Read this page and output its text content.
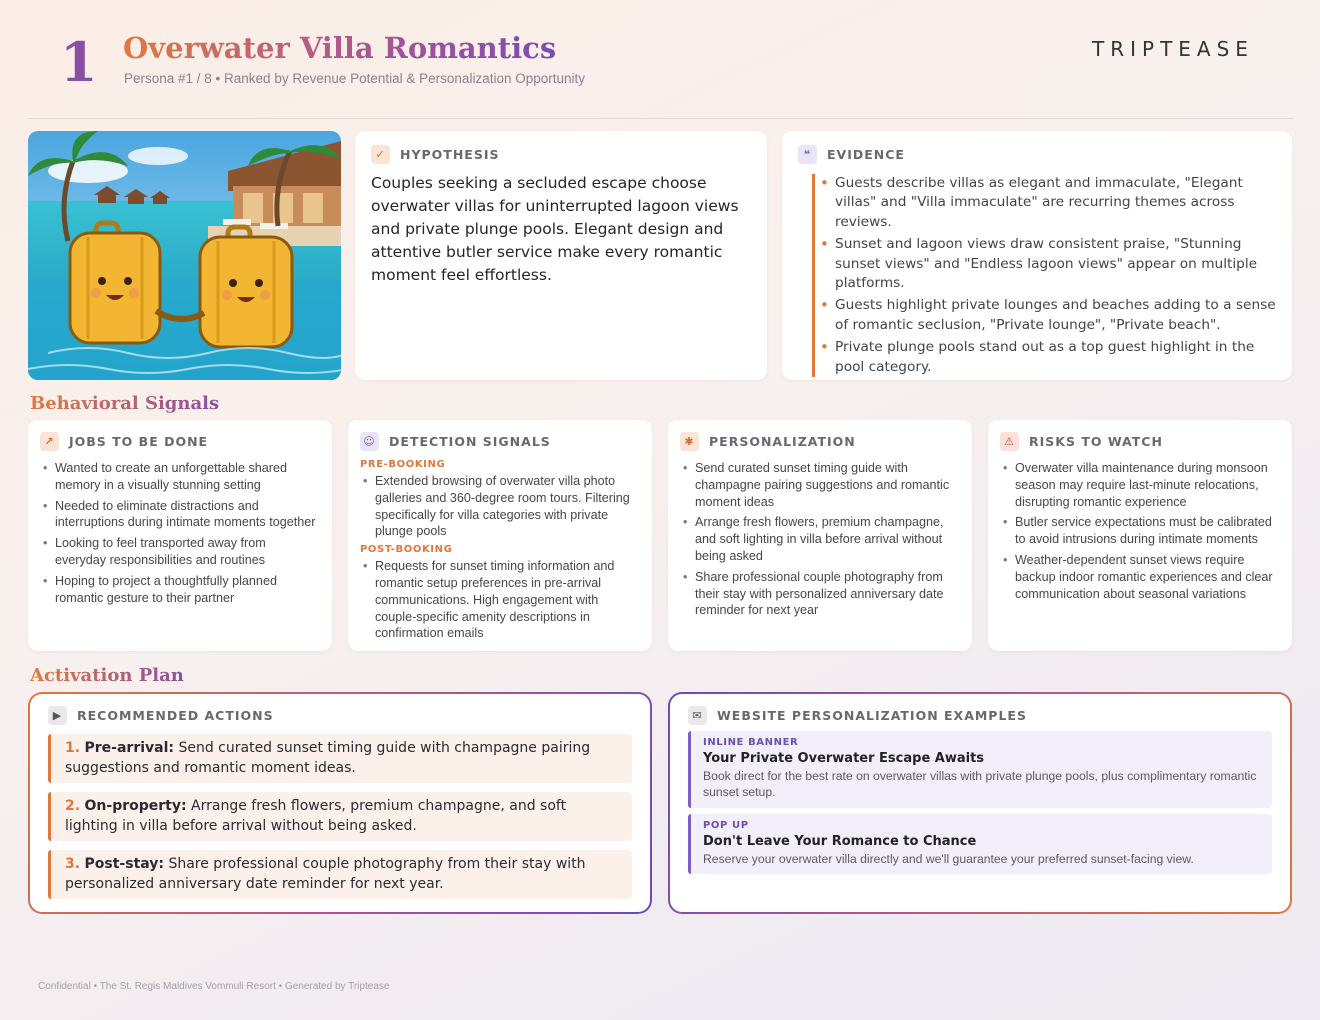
1 Overwater Villa Romantics
Persona #1 / 8 • Ranked by Revenue Potential & Personalization Opportunity
TRIPTEASE
✓	HYPOTHESIS
Couples seeking a secluded escape choose overwater villas for uninterrupted lagoon views and private plunge pools. Elegant design and attentive butler service make every romantic moment feel effortless.
❝	EVIDENCE
• Guests describe villas as elegant and immaculate, "Elegant villas" and "Villa immaculate" are recurring themes across reviews.
• Sunset and lagoon views draw consistent praise, "Stunning sunset views" and "Endless lagoon views" appear on multiple platforms.
• Guests highlight private lounges and beaches adding to a sense of romantic seclusion, "Private lounge", "Private beach".
• Private plunge pools stand out as a top guest highlight in the pool category.
Behavioral Signals
↗	JOBS TO BE DONE
• Wanted to create an unforgettable shared memory in a visually stunning setting
• Needed to eliminate distractions and interruptions during intimate moments together
• Looking to feel transported away from everyday responsibilities and routines
• Hoping to project a thoughtfully planned romantic gesture to their partner
☺ DETECTION SIGNALS
PRE-BOOKING
• Extended browsing of overwater villa photo galleries and 360-degree room tours. Filtering specifically for villa categories with private plunge pools
POST-BOOKING
• Requests for sunset timing information and romantic setup preferences in pre-arrival communications. High engagement with couple-specific amenity descriptions in confirmation emails
✱	PERSONALIZATION
• Send curated sunset timing guide with champagne pairing suggestions and romantic moment ideas
• Arrange fresh flowers, premium champagne, and soft lighting in villa before arrival without being asked
• Share professional couple photography from their stay with personalized anniversary date reminder for next year
⚠	RISKS TO WATCH
• Overwater villa maintenance during monsoon season may require last-minute relocations, disrupting romantic experience
• Butler service expectations must be calibrated to avoid intrusions during intimate moments
• Weather-dependent sunset views require backup indoor romantic experiences and clear communication about seasonal variations
Activation Plan
▶	RECOMMENDED ACTIONS
1. Pre-arrival: Send curated sunset timing guide with champagne pairing suggestions and romantic moment ideas.
2. On-property: Arrange fresh flowers, premium champagne, and soft lighting in villa before arrival without being asked.
3. Post-stay: Share professional couple photography from their stay with personalized anniversary date reminder for next year.
✉	WEBSITE PERSONALIZATION EXAMPLES
INLINE BANNER
Your Private Overwater Escape Awaits
Book direct for the best rate on overwater villas with private plunge pools, plus complimentary romantic sunset setup.
POP UP
Don't Leave Your Romance to Chance
Reserve your overwater villa directly and we'll guarantee your preferred sunset-facing view.
Confidential • The St. Regis Maldives Vommuli Resort • Generated by Triptease
